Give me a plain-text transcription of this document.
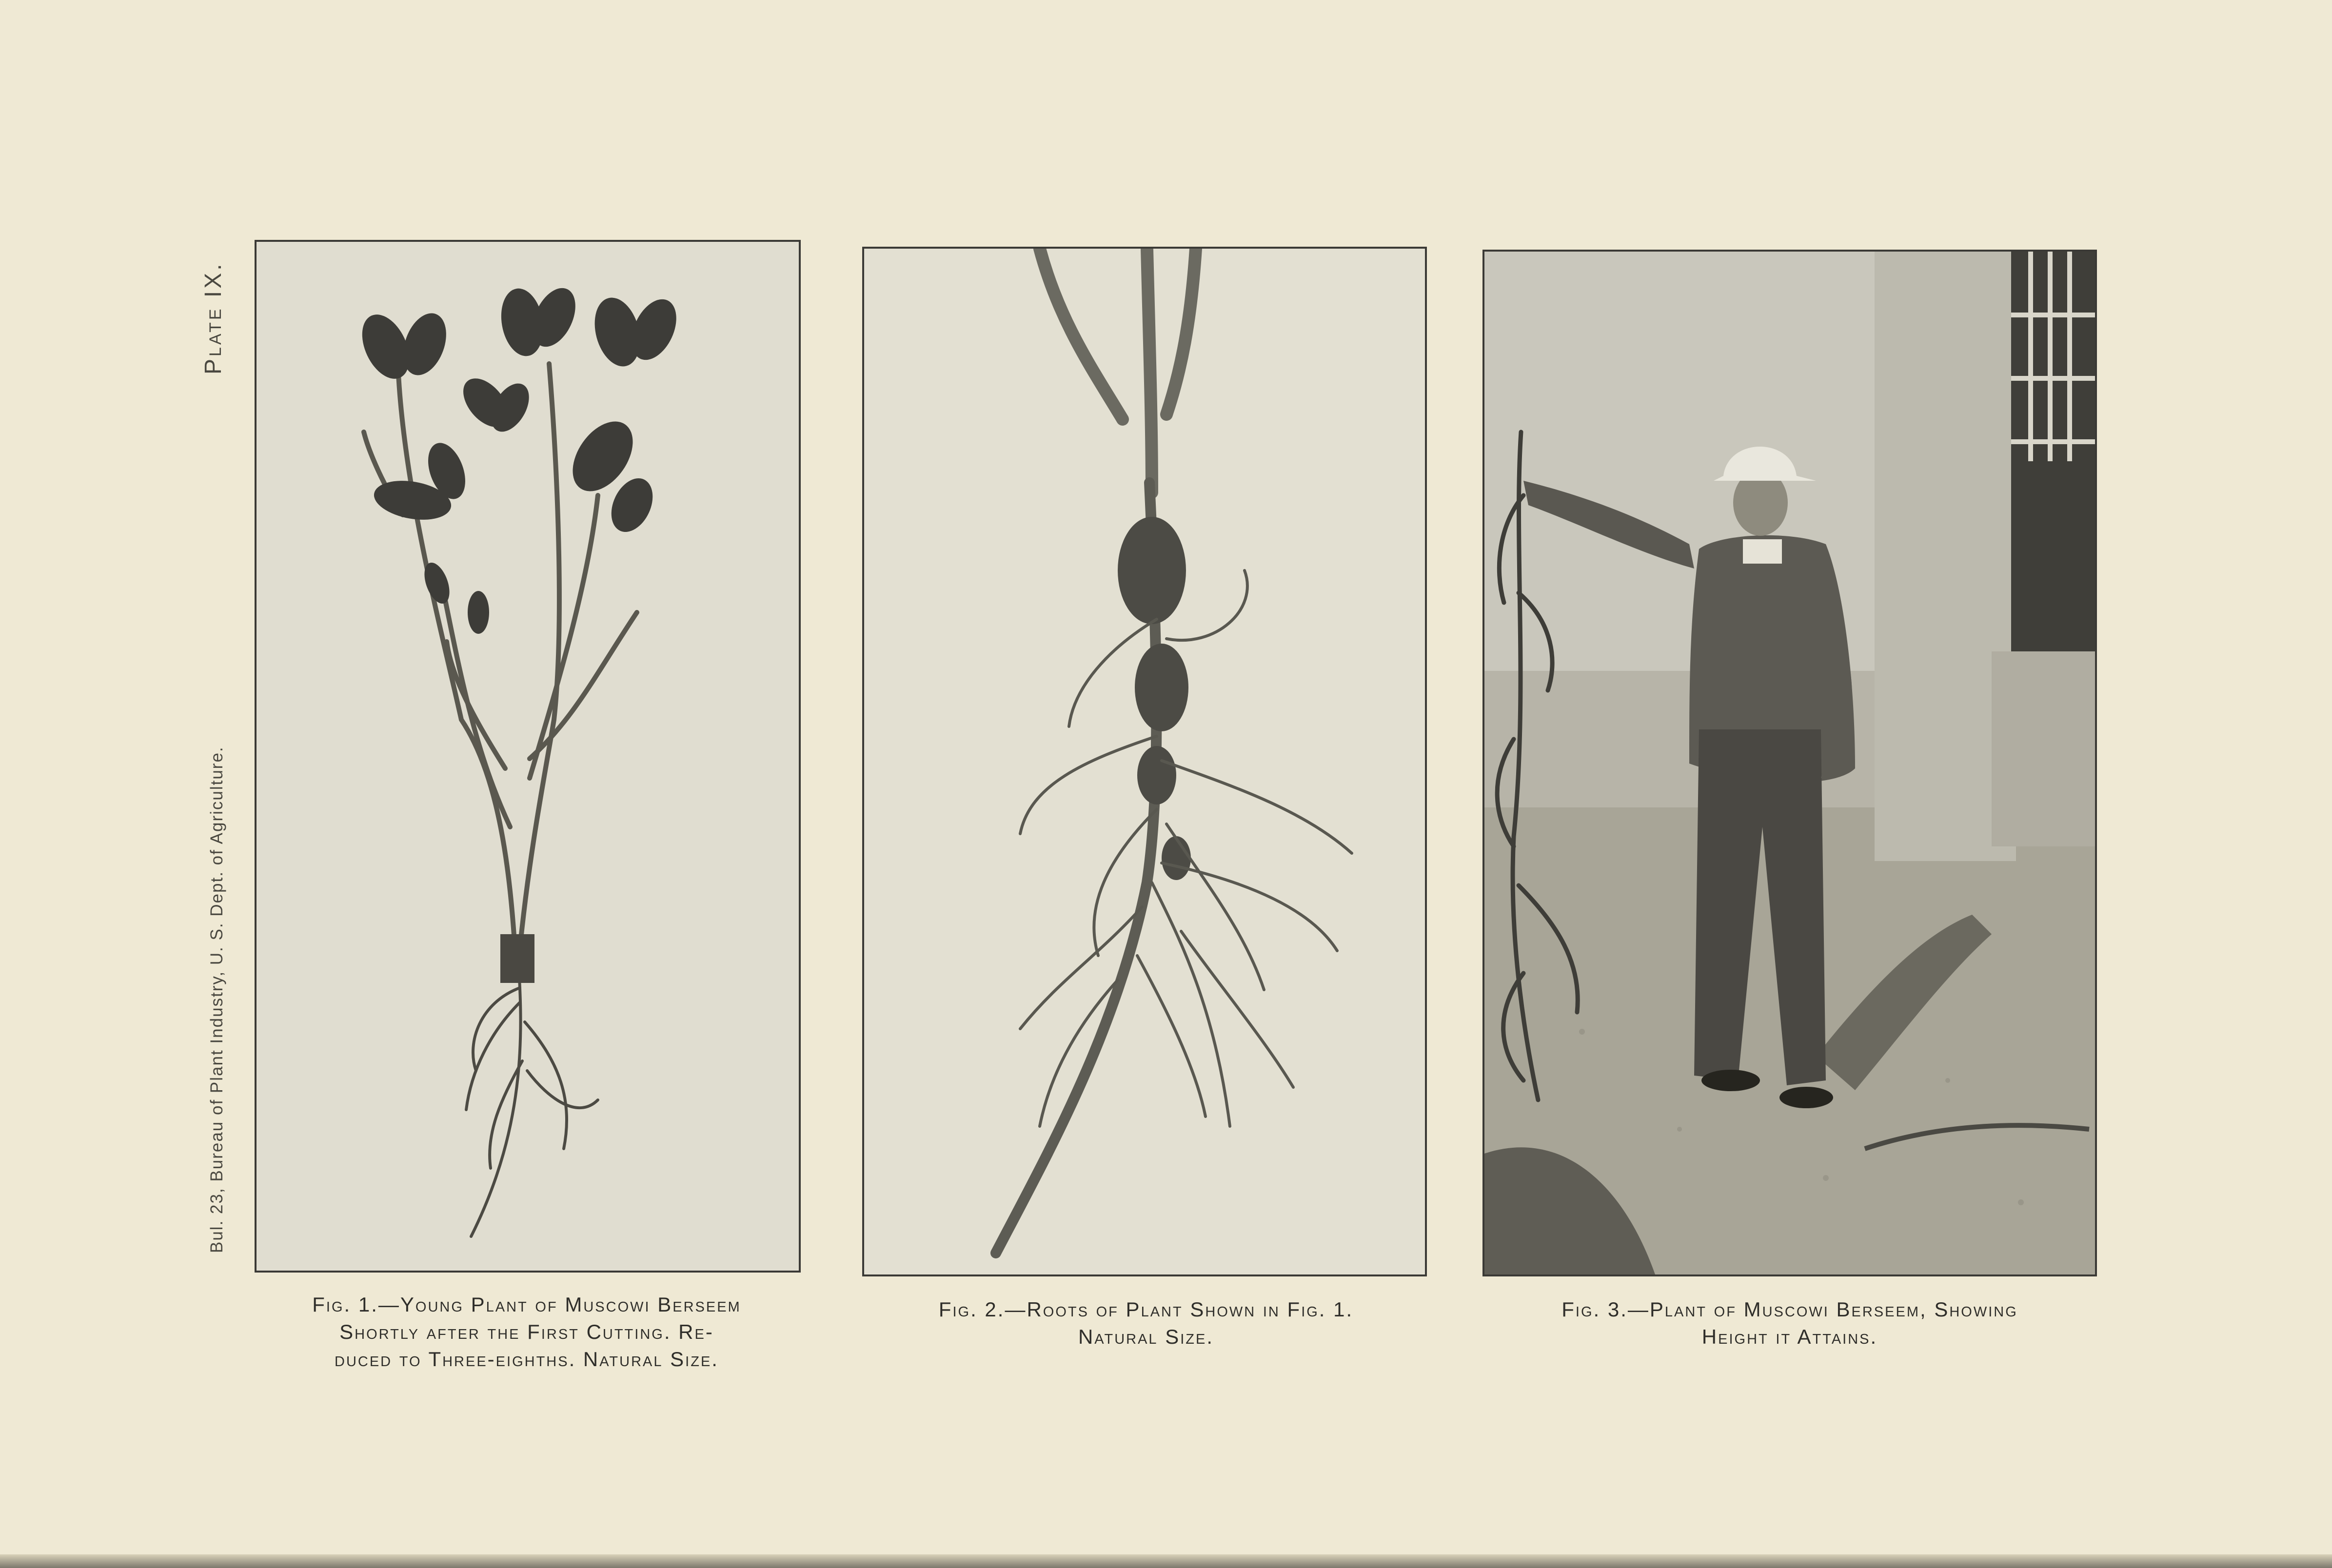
Plate IX.
Bul. 23, Bureau of Plant Industry, U. S. Dept. of Agriculture.
Fig. 1.—Young Plant of Muscowi Berseem
Shortly after the First Cutting. Re-
duced to Three-eighths. Natural Size.
Fig. 2.—Roots of Plant Shown in Fig. 1.
Natural Size.
Fig. 3.—Plant of Muscowi Berseem, Showing
Height it Attains.
